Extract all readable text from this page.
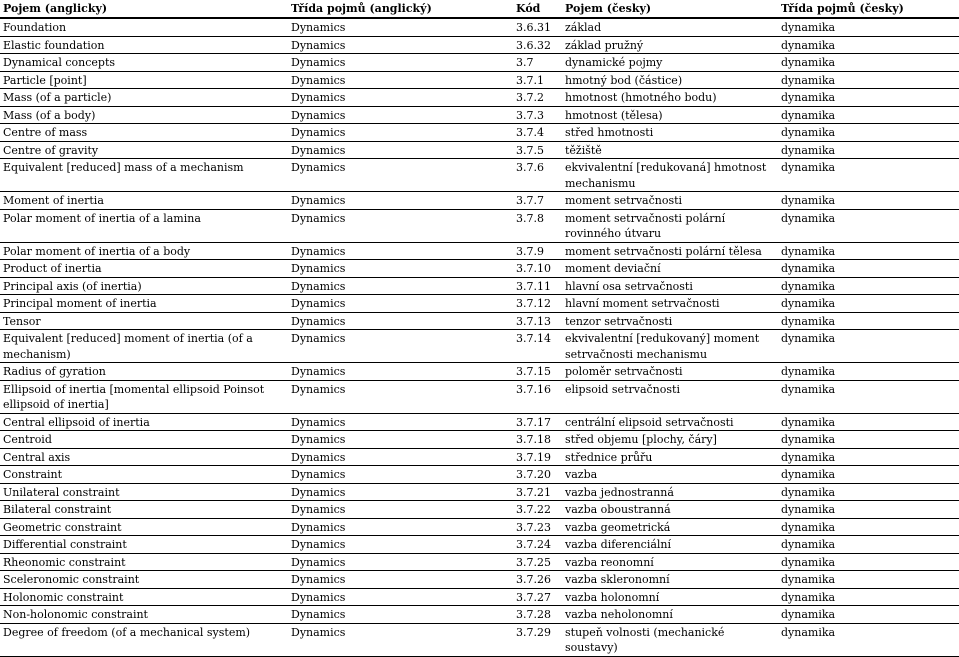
Pojem (anglicky)	Třída pojmů (anglický)	Kód	Pojem (česky)	Třída pojmů (česky)
Foundation	Dynamics	3.6.31	základ	dynamika
Elastic foundation	Dynamics	3.6.32	základ pružný	dynamika
Dynamical concepts	Dynamics	3.7	dynamické pojmy	dynamika
Particle [point]	Dynamics	3.7.1	hmotný bod (částice)	dynamika
Mass (of a particle)	Dynamics	3.7.2	hmotnost (hmotného bodu)	dynamika
Mass (of a body)	Dynamics	3.7.3	hmotnost (tělesa)	dynamika
Centre of mass	Dynamics	3.7.4	střed hmotnosti	dynamika
Centre of gravity	Dynamics	3.7.5	těžiště	dynamika
Equivalent [reduced] mass of a mechanism	Dynamics	3.7.6	ekvivalentní [redukovaná] hmotnost mechanismu	dynamika
Moment of inertia	Dynamics	3.7.7	moment setrvačnosti	dynamika
Polar moment of inertia of a lamina	Dynamics	3.7.8	moment setrvačnosti polární rovinného útvaru	dynamika
Polar moment of inertia of a body	Dynamics	3.7.9	moment setrvačnosti polární tělesa	dynamika
Product of inertia	Dynamics	3.7.10	moment deviační	dynamika
Principal axis (of inertia)	Dynamics	3.7.11	hlavní osa setrvačnosti	dynamika
Principal moment of inertia	Dynamics	3.7.12	hlavní moment setrvačnosti	dynamika
Tensor	Dynamics	3.7.13	tenzor setrvačnosti	dynamika
Equivalent [reduced] moment of inertia (of a mechanism)	Dynamics	3.7.14	ekvivalentní [redukovaný] moment setrvačnosti mechanismu	dynamika
Radius of gyration	Dynamics	3.7.15	poloměr setrvačnosti	dynamika
Ellipsoid of inertia [momental ellipsoid Poinsot ellipsoid of inertia]	Dynamics	3.7.16	elipsoid setrvačnosti	dynamika
Central ellipsoid of inertia	Dynamics	3.7.17	centrální elipsoid setrvačnosti	dynamika
Centroid	Dynamics	3.7.18	střed objemu [plochy, čáry]	dynamika
Central axis	Dynamics	3.7.19	střednice průřu	dynamika
Constraint	Dynamics	3.7.20	vazba	dynamika
Unilateral constraint	Dynamics	3.7.21	vazba jednostranná	dynamika
Bilateral constraint	Dynamics	3.7.22	vazba oboustranná	dynamika
Geometric constraint	Dynamics	3.7.23	vazba geometrická	dynamika
Differential constraint	Dynamics	3.7.24	vazba diferenciální	dynamika
Rheonomic constraint	Dynamics	3.7.25	vazba reonomní	dynamika
Sceleronomic constraint	Dynamics	3.7.26	vazba skleronomní	dynamika
Holonomic constraint	Dynamics	3.7.27	vazba holonomní	dynamika
Non-holonomic constraint	Dynamics	3.7.28	vazba neholonomní	dynamika
Degree of freedom (of a mechanical system)	Dynamics	3.7.29	stupeň volnosti (mechanické soustavy)	dynamika
